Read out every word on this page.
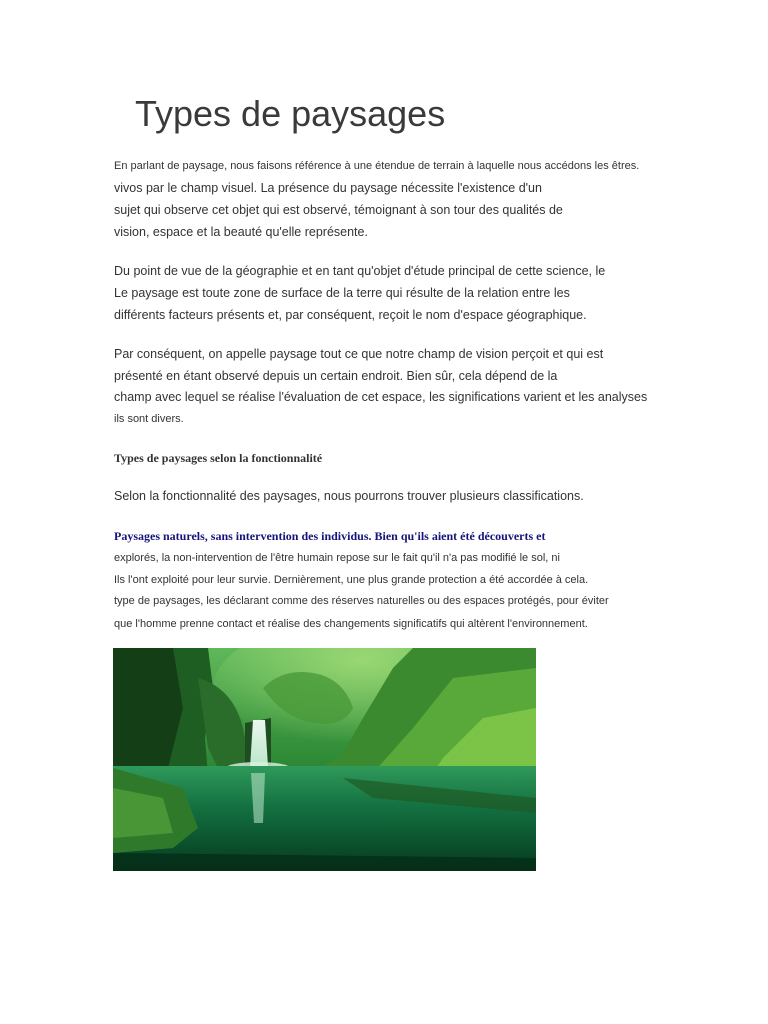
Types de paysages

En parlant de paysage, nous faisons référence à une étendue de terrain à laquelle nous accédons les êtres.

vivos par le champ visuel. La présence du paysage nécessite l'existence d'un

sujet qui observe cet objet qui est observé, témoignant à son tour des qualités de

vision, espace et la beauté qu'elle représente.

Du point de vue de la géographie et en tant qu'objet d'étude principal de cette science, le

Le paysage est toute zone de surface de la terre qui résulte de la relation entre les

différents facteurs présents et, par conséquent, reçoit le nom d'espace géographique.

Par conséquent, on appelle paysage tout ce que notre champ de vision perçoit et qui est

présenté en étant observé depuis un certain endroit. Bien sûr, cela dépend de la

champ avec lequel se réalise l'évaluation de cet espace, les significations varient et les analyses

ils sont divers.

Types de paysages selon la fonctionnalité

Selon la fonctionnalité des paysages, nous pourrons trouver plusieurs classifications.

Paysages naturels, sans intervention des individus. Bien qu'ils aient été découverts et

explorés, la non-intervention de l'être humain repose sur le fait qu'il n'a pas modifié le sol, ni

Ils l'ont exploité pour leur survie. Dernièrement, une plus grande protection a été accordée à cela.

type de paysages, les déclarant comme des réserves naturelles ou des espaces protégés, pour éviter

que l'homme prenne contact et réalise des changements significatifs qui altèrent l'environnement.
